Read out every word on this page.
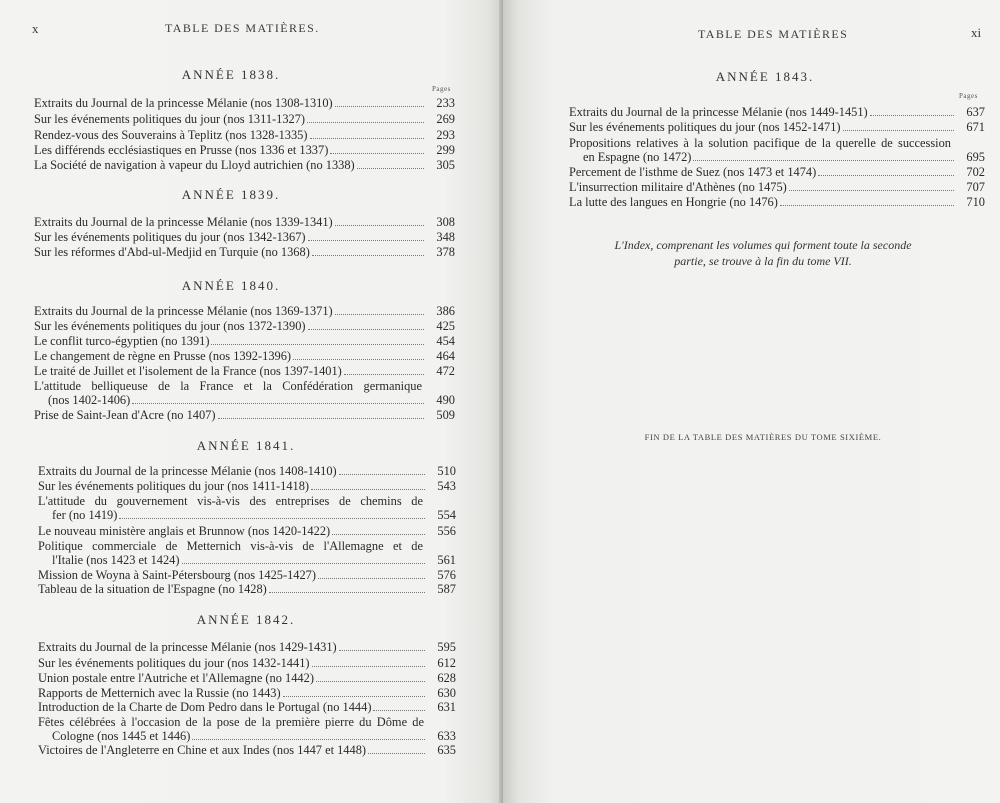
x	TABLE DES MATIÈRES.
ANNÉE 1838.
Pages
Extraits du Journal de la princesse Mélanie (nos 1308-1310)	233
Sur les événements politiques du jour (nos 1311-1327)	269
Rendez-vous des Souverains à Teplitz (nos 1328-1335)	293
Les différends ecclésiastiques en Prusse (nos 1336 et 1337)	299
La Société de navigation à vapeur du Lloyd autrichien (no 1338)	305
ANNÉE 1839.
Extraits du Journal de la princesse Mélanie (nos 1339-1341)	308
Sur les événements politiques du jour (nos 1342-1367)	348
Sur les réformes d'Abd-ul-Medjid en Turquie (no 1368)	378
ANNÉE 1840.
Extraits du Journal de la princesse Mélanie (nos 1369-1371)	386
Sur les événements politiques du jour (nos 1372-1390)	425
Le conflit turco-égyptien (no 1391)	454
Le changement de règne en Prusse (nos 1392-1396)	464
Le traité de Juillet et l'isolement de la France (nos 1397-1401)	472
L'attitude belliqueuse de la France et la Confédération germanique
(nos 1402-1406)	490
Prise de Saint-Jean d'Acre (no 1407)	509
ANNÉE 1841.
Extraits du Journal de la princesse Mélanie (nos 1408-1410)	510
Sur les événements politiques du jour (nos 1411-1418)	543
L'attitude du gouvernement vis-à-vis des entreprises de chemins de
fer (no 1419)	554
Le nouveau ministère anglais et Brunnow (nos 1420-1422)	556
Politique commerciale de Metternich vis-à-vis de l'Allemagne et de
l'Italie (nos 1423 et 1424)	561
Mission de Woyna à Saint-Pétersbourg (nos 1425-1427)	576
Tableau de la situation de l'Espagne (no 1428)	587
ANNÉE 1842.
Extraits du Journal de la princesse Mélanie (nos 1429-1431)	595
Sur les événements politiques du jour (nos 1432-1441)	612
Union postale entre l'Autriche et l'Allemagne (no 1442)	628
Rapports de Metternich avec la Russie (no 1443)	630
Introduction de la Charte de Dom Pedro dans le Portugal (no 1444)	631
Fêtes célébrées à l'occasion de la pose de la première pierre du Dôme de
Cologne (nos 1445 et 1446)	633
Victoires de l'Angleterre en Chine et aux Indes (nos 1447 et 1448)	635
TABLE DES MATIÈRES	xi
ANNÉE 1843.
Pages
Extraits du Journal de la princesse Mélanie (nos 1449-1451)	637
Sur les événements politiques du jour (nos 1452-1471)	671
Propositions relatives à la solution pacifique de la querelle de succession
en Espagne (no 1472)	695
Percement de l'isthme de Suez (nos 1473 et 1474)	702
L'insurrection militaire d'Athènes (no 1475)	707
La lutte des langues en Hongrie (no 1476)	710
L'Index, comprenant les volumes qui forment toute la seconde partie, se trouve à la fin du tome VII.
FIN DE LA TABLE DES MATIÈRES DU TOME SIXIÈME.
